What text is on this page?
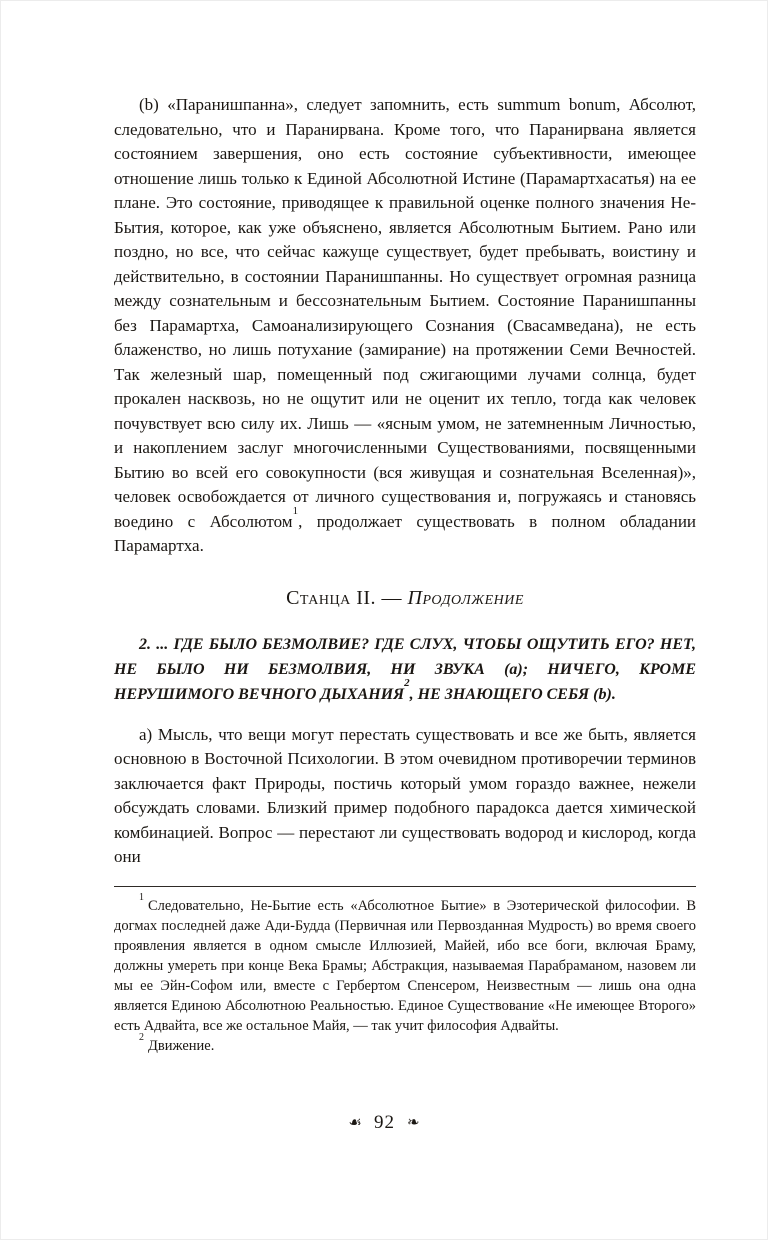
(b) «Паранишпанна», следует запомнить, есть summum bonum, Абсолют, следовательно, что и Паранирвана. Кроме того, что Паранирвана является состоянием завершения, оно есть состояние субъективности, имеющее отношение лишь только к Единой Абсолютной Истине (Парамартхасатья) на ее плане. Это состояние, приводящее к правильной оценке полного значения Не-Бытия, которое, как уже объяснено, является Абсолютным Бытием. Рано или поздно, но все, что сейчас кажуще существует, будет пребывать, воистину и действительно, в состоянии Паранишпанны. Но существует огромная разница между сознательным и бессознательным Бытием. Состояние Паранишпанны без Парамартха, Самоанализирующего Сознания (Свасамведана), не есть блаженство, но лишь потухание (замирание) на протяжении Семи Вечностей. Так железный шар, помещенный под сжигающими лучами солнца, будет прокален насквозь, но не ощутит или не оценит их тепло, тогда как человек почувствует всю силу их. Лишь — «ясным умом, не затемненным Личностью, и накоплением заслуг многочисленными Существованиями, посвященными Бытию во всей его совокупности (вся живущая и сознательная Вселенная)», человек освобождается от личного существования и, погружаясь и становясь воедино с Абсолютом$^1$, продолжает существовать в полном обладании Парамартха.

Станца II. — Продолжение

2. ... ГДЕ БЫЛО БЕЗМОЛВИЕ? ГДЕ СЛУХ, ЧТОБЫ ОЩУТИТЬ ЕГО? НЕТ, НЕ БЫЛО НИ БЕЗМОЛВИЯ, НИ ЗВУКА (а); НИЧЕГО, КРОМЕ НЕРУШИМОГО ВЕЧНОГО ДЫХАНИЯ$^2$, НЕ ЗНАЮЩЕГО СЕБЯ (b).

а) Мысль, что вещи могут перестать существовать и все же быть, является основною в Восточной Психологии. В этом очевидном противоречии терминов заключается факт Природы, постичь который умом гораздо важнее, нежели обсуждать словами. Близкий пример подобного парадокса дается химической комбинацией. Вопрос — перестают ли существовать водород и кислород, когда они

$^1$Следовательно, Не-Бытие есть «Абсолютное Бытие» в Эзотерической философии. В догмах последней даже Ади-Будда (Первичная или Первозданная Мудрость) во время своего проявления является в одном смысле Иллюзией, Майей, ибо все боги, включая Браму, должны умереть при конце Века Брамы; Абстракция, называемая Парабраманом, назовем ли мы ее Эйн-Софом или, вместе с Гербертом Спенсером, Неизвестным — лишь она одна является Единою Абсолютною Реальностью. Единое Существование «Не имеющее Второго» есть Адвайта, все же остальное Майя, — так учит философия Адвайты.

$^2$Движение.

☙ 92 ❧
